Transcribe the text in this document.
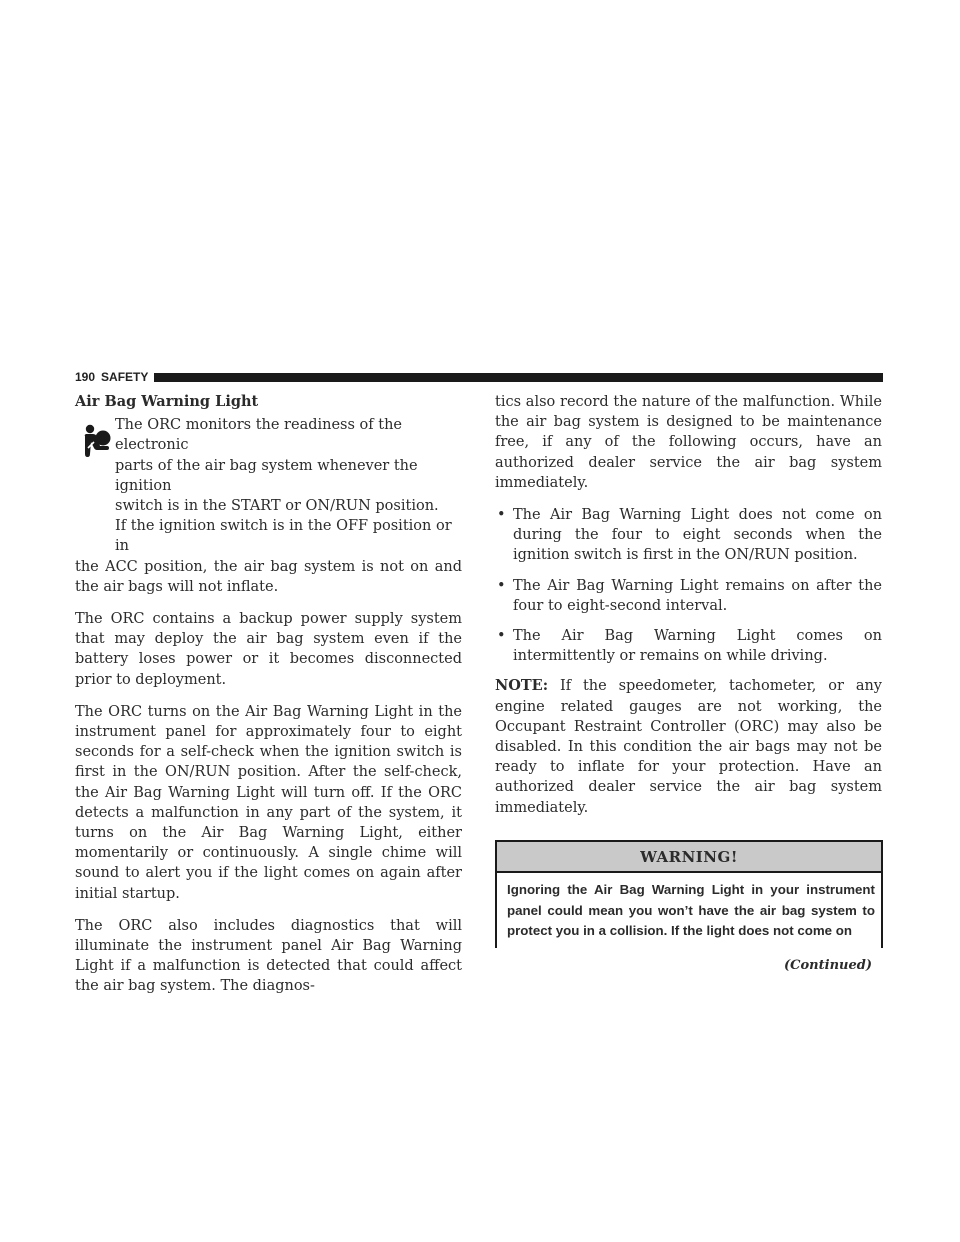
190 SAFETY
Air Bag Warning Light
The ORC monitors the readiness of the electronic
parts of the air bag system whenever the ignition
switch is in the START or ON/RUN position.
If the ignition switch is in the OFF position or in
the ACC position, the air bag system is not on and the air bags will not inflate.

The ORC contains a backup power supply system that may deploy the air bag system even if the battery loses power or it becomes disconnected prior to deployment.

The ORC turns on the Air Bag Warning Light in the instrument panel for approximately four to eight seconds for a self-check when the ignition switch is first in the ON/RUN position. After the self-check, the Air Bag Warning Light will turn off. If the ORC detects a malfunction in any part of the system, it turns on the Air Bag Warning Light, either momentarily or continuously. A single chime will sound to alert you if the light comes on again after initial startup.

The ORC also includes diagnostics that will illuminate the instrument panel Air Bag Warning Light if a malfunction is detected that could affect the air bag system. The diagnos-

tics also record the nature of the malfunction. While the air bag system is designed to be maintenance free, if any of the following occurs, have an authorized dealer service the air bag system immediately.

• The Air Bag Warning Light does not come on during the four to eight seconds when the ignition switch is first in the ON/RUN position.
• The Air Bag Warning Light remains on after the four to eight-second interval.
• The Air Bag Warning Light comes on intermittently or remains on while driving.

NOTE: If the speedometer, tachometer, or any engine related gauges are not working, the Occupant Restraint Controller (ORC) may also be disabled. In this condition the air bags may not be ready to inflate for your protection. Have an authorized dealer service the air bag system immediately.

WARNING!
Ignoring the Air Bag Warning Light in your instrument panel could mean you won’t have the air bag system to protect you in a collision. If the light does not come on
(Continued)
